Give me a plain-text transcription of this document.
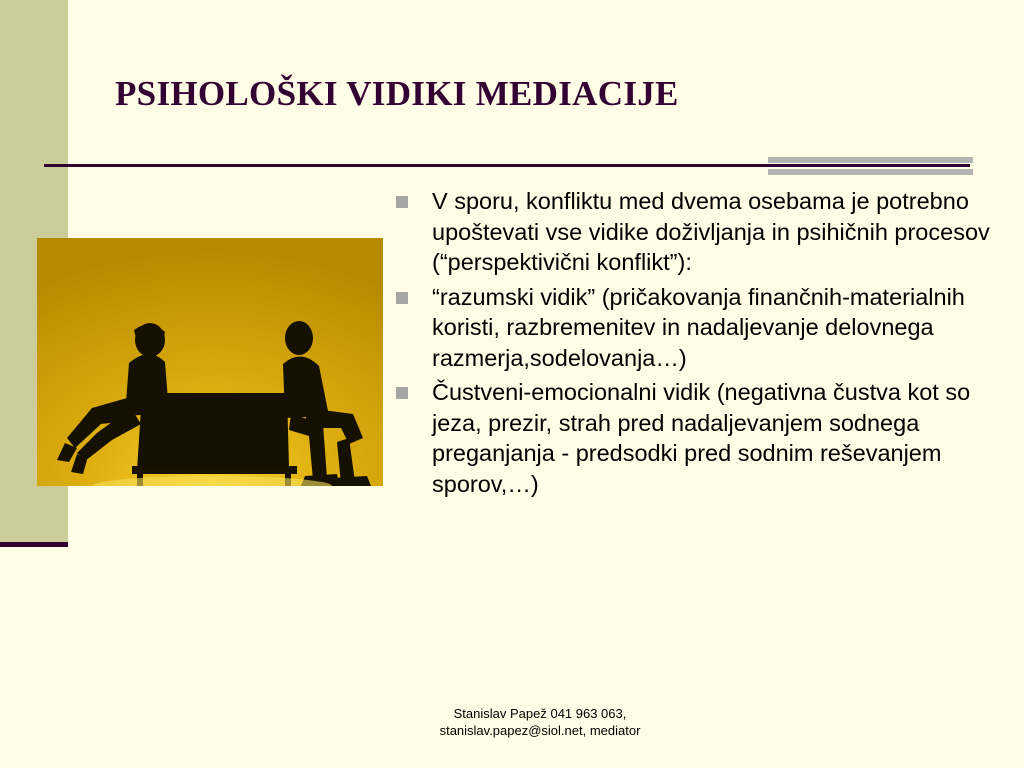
PSIHOLOŠKI VIDIKI MEDIACIJE
V sporu, konfliktu med dvema osebama je potrebno upoštevati vse vidike doživljanja in psihičnih procesov (“perspektivični konflikt”):
“razumski vidik” (pričakovanja finančnih-materialnih koristi, razbremenitev in nadaljevanje delovnega razmerja,sodelovanja…)
Čustveni-emocionalni vidik (negativna čustva kot so jeza, prezir, strah pred nadaljevanjem sodnega preganjanja - predsodki pred sodnim reševanjem sporov,…)
Stanislav Papež 041 963 063,
stanislav.papez@siol.net, mediator
